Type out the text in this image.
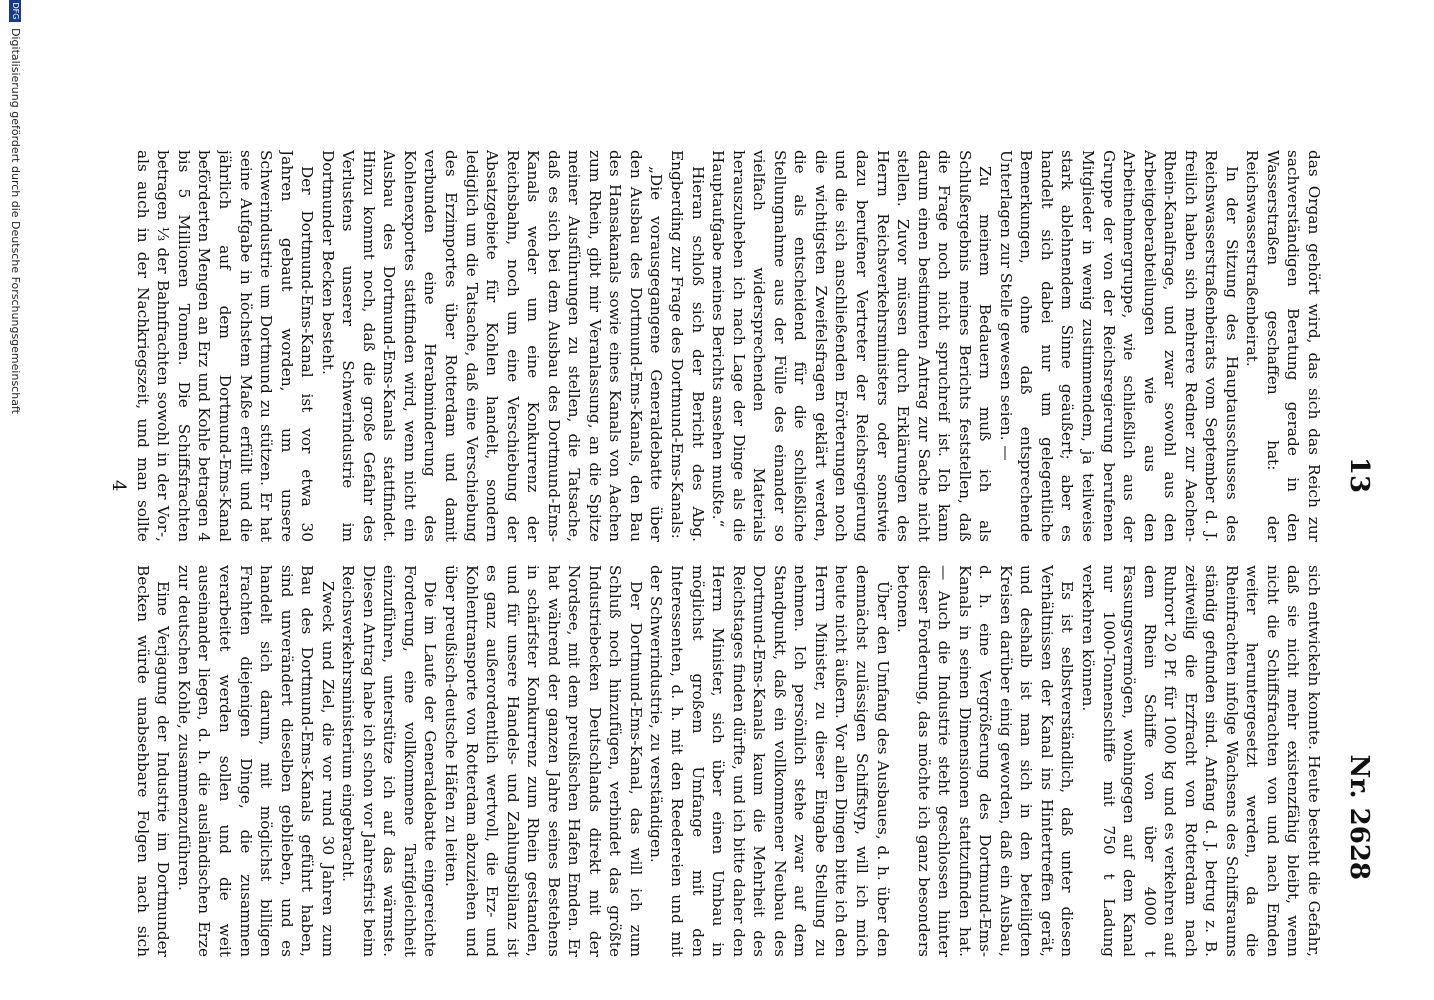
13
Nr. 2628

das Organ gehört wird, das sich das Reich zur sachverständigen Beratung gerade in den Wasserstraßen geschaffen hat: der Reichswasserstraßenbeirat.

In der Sitzung des Hauptausschusses des Reichswasserstraßenbeirats vom September d. J. freilich haben sich mehrere Redner zur Aachen-Rhein-Kanalfrage, und zwar sowohl aus den Arbeitgeberabteilungen wie aus den Arbeitnehmergruppe, wie schließlich aus der Gruppe der von der Reichsregierung berufenen Mitglieder in wenig zustimmendem, ja teilweise stark ablehnendem Sinne geäußert; aber es handelt sich dabei nur um gelegentliche Bemerkungen, ohne daß entsprechende Unterlagen zur Stelle gewesen seien. —

Zu meinem Bedauern muß ich als Schlußergebnis meines Berichts feststellen, daß die Frage noch nicht spruchreif ist. Ich kann darum einen bestimmten Antrag zur Sache nicht stellen. Zuvor müssen durch Erklärungen des Herrn Reichsverkehrsministers oder sonstwie dazu berufener Vertreter der Reichsregierung und die sich anschließenden Erörterungen noch die wichtigsten Zweifelsfragen geklärt werden, die als entscheidend für die schließliche Stellungnahme aus der Fülle des einander so vielfach widersprechenden Materials herauszuheben ich nach Lage der Dinge als die Hauptaufgabe meines Berichts ansehen mußte.“

Hieran schloß sich der Bericht des Abg. Engberding zur Frage des Dortmund-Ems-Kanals:

„Die vorausgegangene Generaldebatte über den Ausbau des Dortmund-Ems-Kanals, den Bau des Hansakanals sowie eines Kanals von Aachen zum Rhein, gibt mir Veranlassung, an die Spitze meiner Ausführungen zu stellen, die Tatsache, daß es sich bei dem Ausbau des Dortmund-Ems-Kanals weder um eine Konkurrenz der Reichsbahn, noch um eine Verschiebung der Absatzgebiete für Kohlen handelt, sondern lediglich um die Tatsache, daß eine Verschiebung des Erzimportes über Rotterdam und damit verbunden eine Herabminderung des Kohlenexportes stattfinden wird, wenn nicht ein Ausbau des Dortmund-Ems-Kanals stattfindet. Hinzu kommt noch, daß die große Gefahr des Verlustens unserer Schwerindustrie im Dortmunder Becken besteht.

Der Dortmund-Ems-Kanal ist vor etwa 30 Jahren gebaut worden, um unsere Schwerindustrie um Dortmund zu stützen. Er hat seine Aufgabe in höchstem Maße erfüllt und die jährlich auf dem Dortmund-Ems-Kanal beförderten Mengen an Erz und Kohle betragen 4 bis 5 Millionen Tonnen. Die Schiffsfrachten betragen ⅓ der Bahnfrachten sowohl in der Vor-, als auch in der Nachkriegszeit, und man sollte

sich entwickeln konnte. Heute besteht die Gefahr, daß sie nicht mehr existenzfähig bleibt, wenn nicht die Schiffsfrachten von und nach Emden weiter heruntergesetzt werden, da die Rheinfrachten infolge Wachsens des Schiffsraums ständig gefunden sind. Anfang d. J. betrug z. B. zeitweilig die Erzfracht von Rotterdam nach Ruhrort 20 Pf. für 1000 kg und es verkehren auf dem Rhein Schiffe von über 4000 t Fassungsvermögen, wohingegen auf dem Kanal nur 1000-Tonnenschiffe mit 750 t Ladung verkehren können.

Es ist selbstverständlich, daß unter diesen Verhältnissen der Kanal ins Hintertreffen gerät, und deshalb ist man sich in den beteiligten Kreisen darüber einig geworden, daß ein Ausbau, d. h. eine Vergrößerung des Dortmund-Ems-Kanals in seinen Dimensionen stattzufinden hat. — Auch die Industrie steht geschlossen hinter dieser Forderung, das möchte ich ganz besonders betonen.

Über den Umfang des Ausbaues, d. h. über den demnächst zulässigen Schiffstyp, will ich mich heute nicht äußern. Vor allen Dingen bitte ich den Herrn Minister, zu dieser Eingabe Stellung zu nehmen. Ich persönlich stehe zwar auf dem Standpunkt, daß ein vollkommener Neubau des Dortmund-Ems-Kanals kaum die Mehrheit des Reichstages finden dürfte, und ich bitte daher den Herrn Minister, sich über einen Umbau in möglichst großem Umfange mit den Interessenten, d. h. mit den Reedereien und mit der Schwerindustrie, zu verständigen.

Der Dortmund-Ems-Kanal, das will ich zum Schluß noch hinzufügen, verbindet das größte Industriebecken Deutschlands direkt mit der Nordsee, mit dem preußischen Hafen Emden. Er hat während der ganzen Jahre seines Bestehens in schärfster Konkurrenz zum Rhein gestanden, und für unsere Handels- und Zahlungsbilanz ist es ganz außerordentlich wertvoll, die Erz- und Kohlentransporte von Rotterdam abzuziehen und über preußisch-deutsche Häfen zu leiten.

Die im Laufe der Generaldebatte eingereichte Forderung, eine vollkommene Tarifgleichheit einzuführen, unterstütze ich auf das wärmste. Diesen Antrag habe ich schon vor Jahresfrist beim Reichsverkehrsministerium eingebracht.

Zweck und Ziel, die vor rund 30 Jahren zum Bau des Dortmund-Ems-Kanals geführt haben, sind unverändert dieselben geblieben, und es handelt sich darum, mit möglichst billigen Frachten diejenigen Dinge, die zusammen verarbeitet werden sollen und die weit auseinander liegen, d. h. die ausländischen Erze zur deutschen Kohle, zusammenzuführen.

Eine Verjagung der Industrie im Dortmunder Becken würde unabsehbare Folgen nach sich

4
DFGDigitalisierung gefördert durch die Deutsche Forschungsgemeinschaft
